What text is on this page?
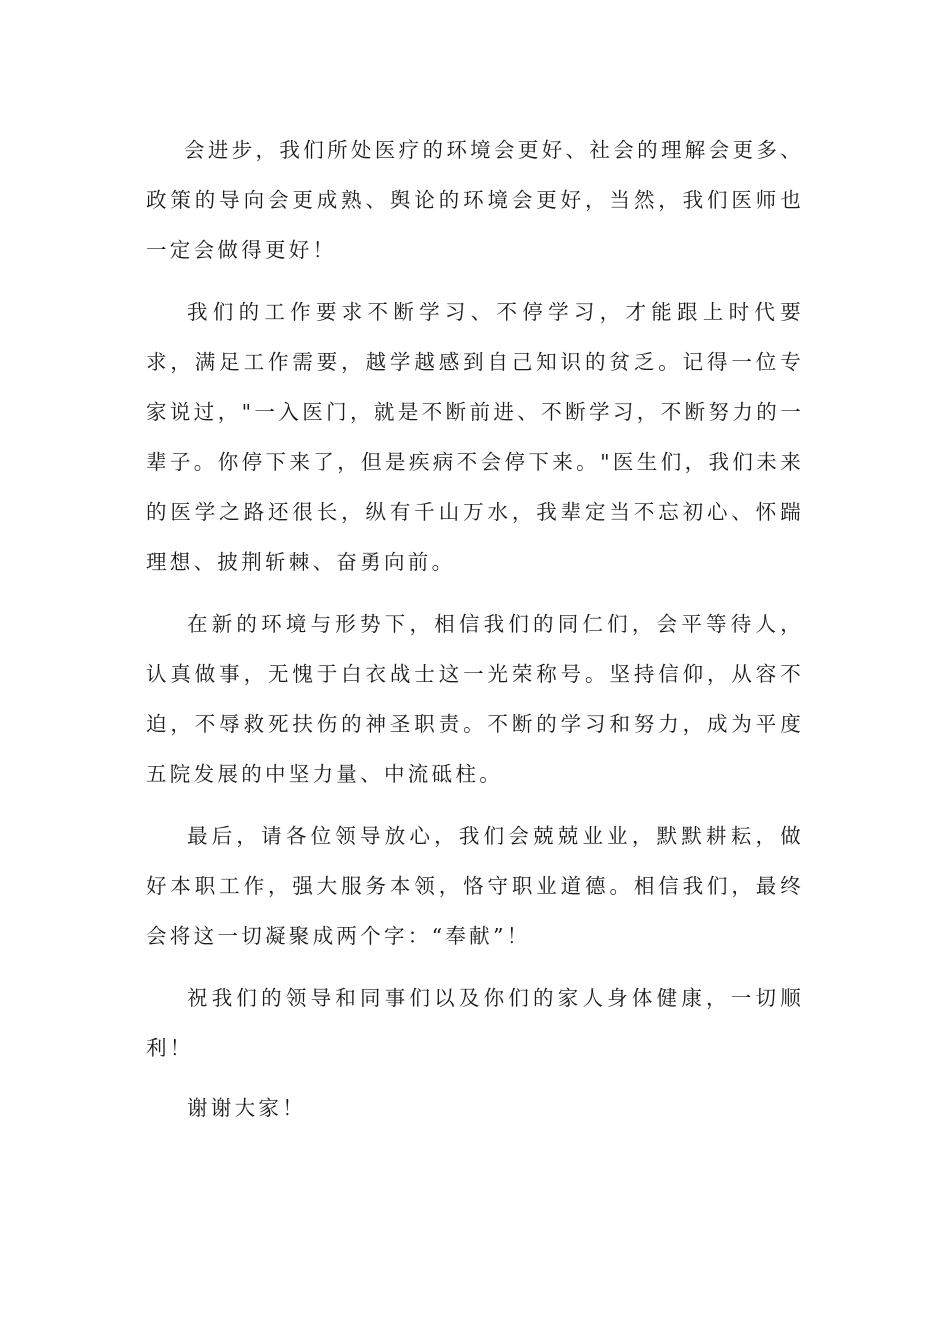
会进步，我们所处医疗的环境会更好、社会的理解会更多、政策的导向会更成熟、舆论的环境会更好，当然，我们医师也一定会做得更好！

我们的工作要求不断学习、不停学习，才能跟上时代要求，满足工作需要，越学越感到自己知识的贫乏。记得一位专家说过，"一入医门，就是不断前进、不断学习，不断努力的一辈子。你停下来了，但是疾病不会停下来。"医生们，我们未来的医学之路还很长，纵有千山万水，我辈定当不忘初心、怀踹理想、披荆斩棘、奋勇向前。

在新的环境与形势下，相信我们的同仁们，会平等待人，认真做事，无愧于白衣战士这一光荣称号。坚持信仰，从容不迫，不辱救死扶伤的神圣职责。不断的学习和努力，成为平度五院发展的中坚力量、中流砥柱。

最后，请各位领导放心，我们会兢兢业业，默默耕耘，做好本职工作，强大服务本领，恪守职业道德。相信我们，最终会将这一切凝聚成两个字：“奉献”！

祝我们的领导和同事们以及你们的家人身体健康，一切顺利！

谢谢大家！
